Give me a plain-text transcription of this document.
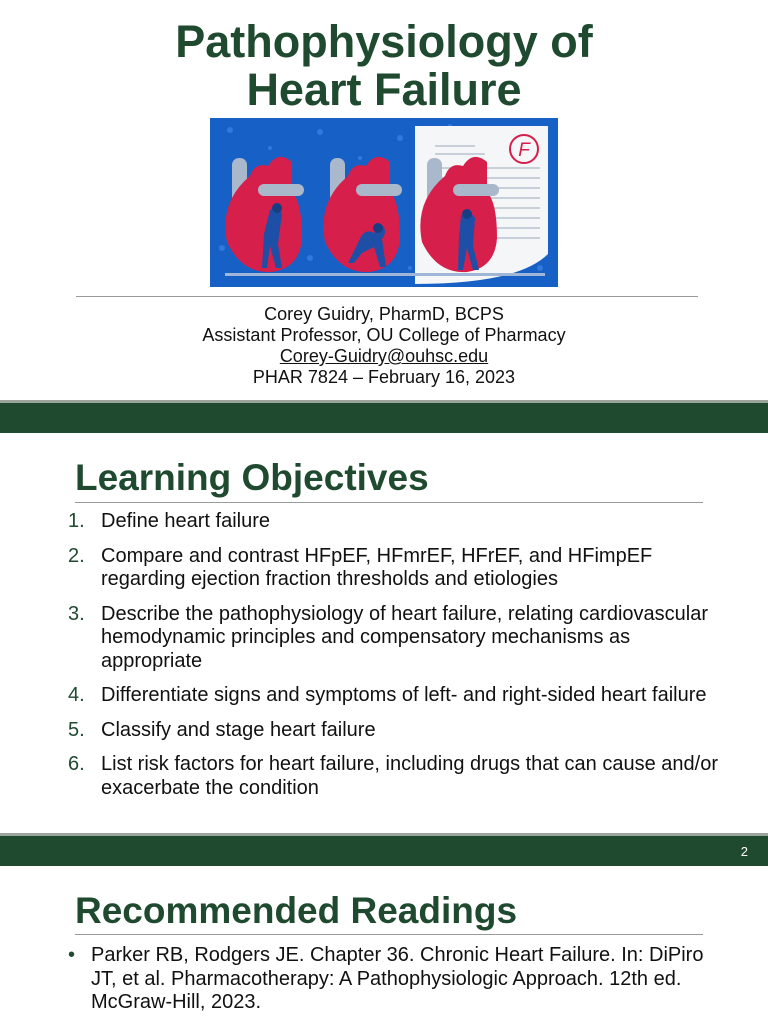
Pathophysiology of
Heart Failure
F
Corey Guidry, PharmD, BCPS
Assistant Professor, OU College of Pharmacy
Corey-Guidry@ouhsc.edu
PHAR 7824 – February 16, 2023
Learning Objectives
1. Define heart failure
2. Compare and contrast HFpEF, HFmrEF, HFrEF, and HFimpEF regarding ejection fraction thresholds and etiologies
3. Describe the pathophysiology of heart failure, relating cardiovascular hemodynamic principles and compensatory mechanisms as appropriate
4. Differentiate signs and symptoms of left- and right-sided heart failure
5. Classify and stage heart failure
6. List risk factors for heart failure, including drugs that can cause and/or exacerbate the condition
2
Recommended Readings
• Parker RB, Rodgers JE. Chapter 36. Chronic Heart Failure. In: DiPiro JT, et al. Pharmacotherapy: A Pathophysiologic Approach. 12th ed. McGraw-Hill, 2023.
